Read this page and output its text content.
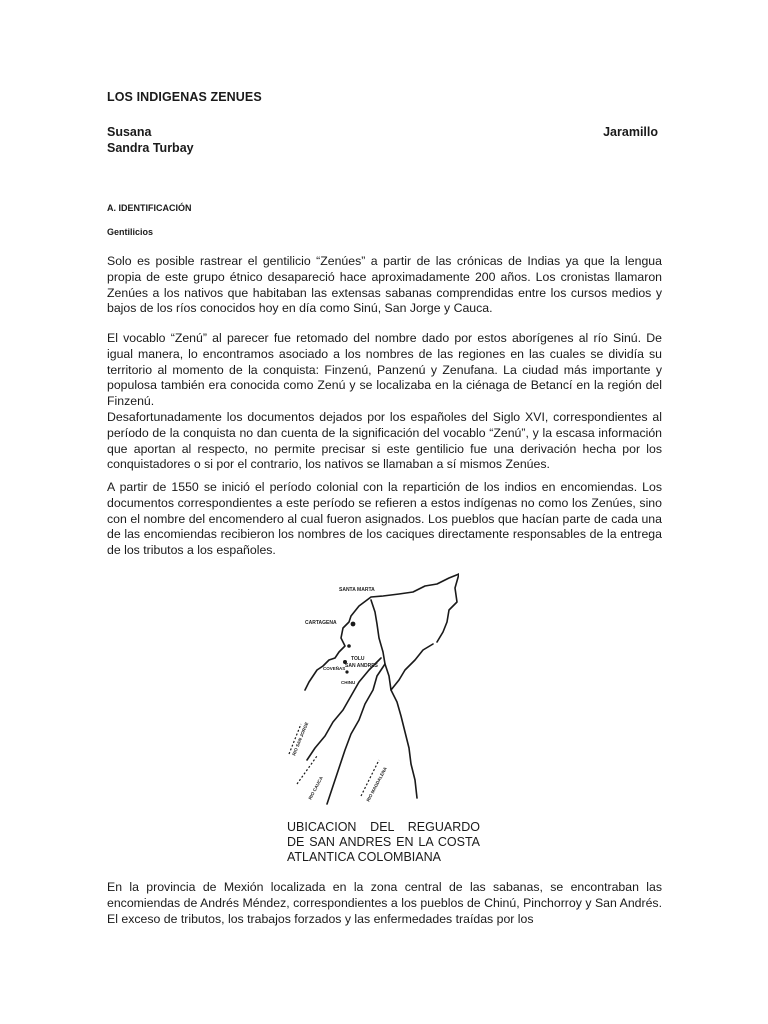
LOS INDIGENAS ZENUES
Susana	Jaramillo
Sandra Turbay
A. IDENTIFICACIÓN
Gentilicios

Solo es posible rastrear el gentilicio “Zenúes” a partir de las crónicas de Indias ya que la lengua propia de este grupo étnico desapareció hace aproximadamente 200 años. Los cronistas llamaron Zenúes a los nativos que habitaban las extensas sabanas comprendidas entre los cursos medios y bajos de los ríos conocidos hoy en día como Sinú, San Jorge y Cauca.

El vocablo “Zenú” al parecer fue retomado del nombre dado por estos aborígenes al río Sinú. De igual manera, lo encontramos asociado a los nombres de las regiones en las cuales se dividía su territorio al momento de la conquista: Finzenú, Panzenú y Zenufana. La ciudad más importante y populosa también era conocida como Zenú y se localizaba en la ciénaga de Betancí en la región del Finzenú.

Desafortunadamente los documentos dejados por los españoles del Siglo XVI, correspondientes al período de la conquista no dan cuenta de la significación del vocablo “Zenú”, y la escasa información que aportan al respecto, no permite precisar si este gentilicio fue una derivación hecha por los conquistadores o si por el contrario, los nativos se llamaban a sí mismos Zenúes.

A partir de 1550 se inició el período colonial con la repartición de los indios en encomiendas. Los documentos correspondientes a este período se refieren a estos indígenas no como los Zenúes, sino con el nombre del encomendero al cual fueron asignados. Los pueblos que hacían parte de cada una de las encomiendas recibieron los nombres de los caciques directamente responsables de la entrega de los tributos a los españoles.

SANTA MARTA
CARTAGENA
TOLU
COVEÑAS SAN ANDRES
CHINU
RIO SAN JORGE
RIO CAUCA	RIO MAGDALENA
UBICACION DEL REGUARDO DE SAN ANDRES EN LA COSTA ATLANTICA COLOMBIANA

En la provincia de Mexión localizada en la zona central de las sabanas, se encontraban las encomiendas de Andrés Méndez, correspondientes a los pueblos de Chinú, Pinchorroy y San Andrés. El exceso de tributos, los trabajos forzados y las enfermedades traídas por los
